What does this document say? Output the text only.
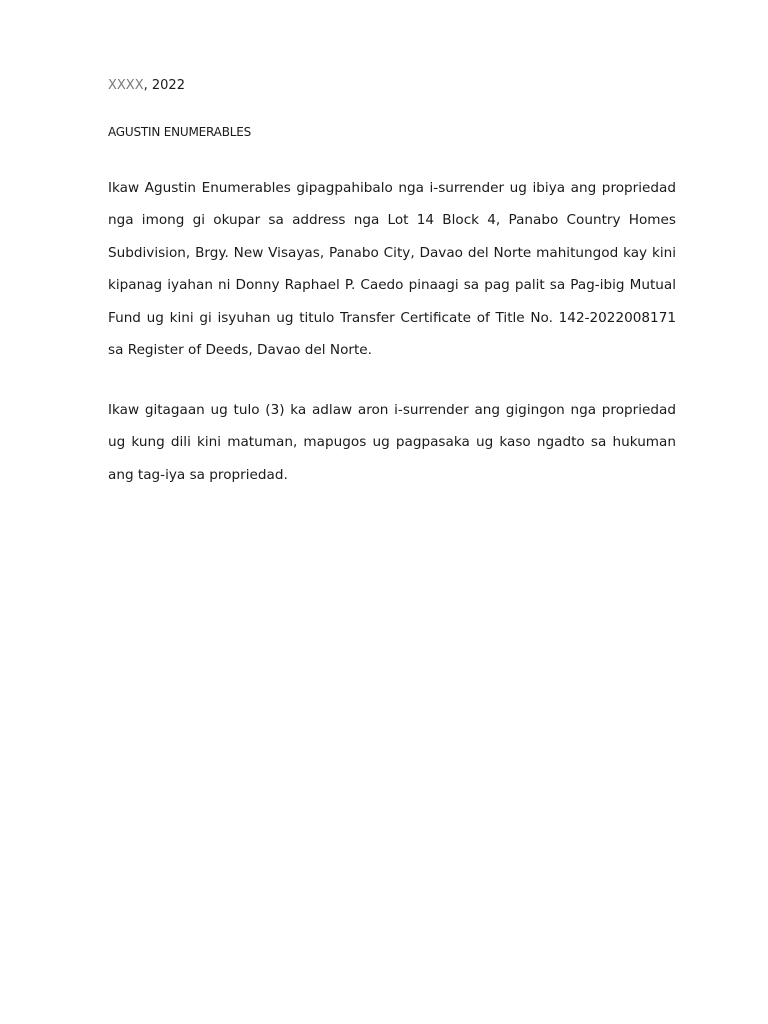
XXXX, 2022
AGUSTIN ENUMERABLES

Ikaw Agustin Enumerables gipagpahibalo nga i-surrender ug ibiya ang propriedad nga imong gi okupar sa address nga Lot 14 Block 4, Panabo Country Homes Subdivision, Brgy. New Visayas, Panabo City, Davao del Norte mahitungod kay kini kipanag iyahan ni Donny Raphael P. Caedo pinaagi sa pag palit sa Pag-ibig Mutual Fund ug kini gi isyuhan ug titulo Transfer Certificate of Title No. 142-2022008171 sa Register of Deeds, Davao del Norte.

Ikaw gitagaan ug tulo (3) ka adlaw aron i-surrender ang gigingon nga propriedad ug kung dili kini matuman, mapugos ug pagpasaka ug kaso ngadto sa hukuman ang tag-iya sa propriedad.
